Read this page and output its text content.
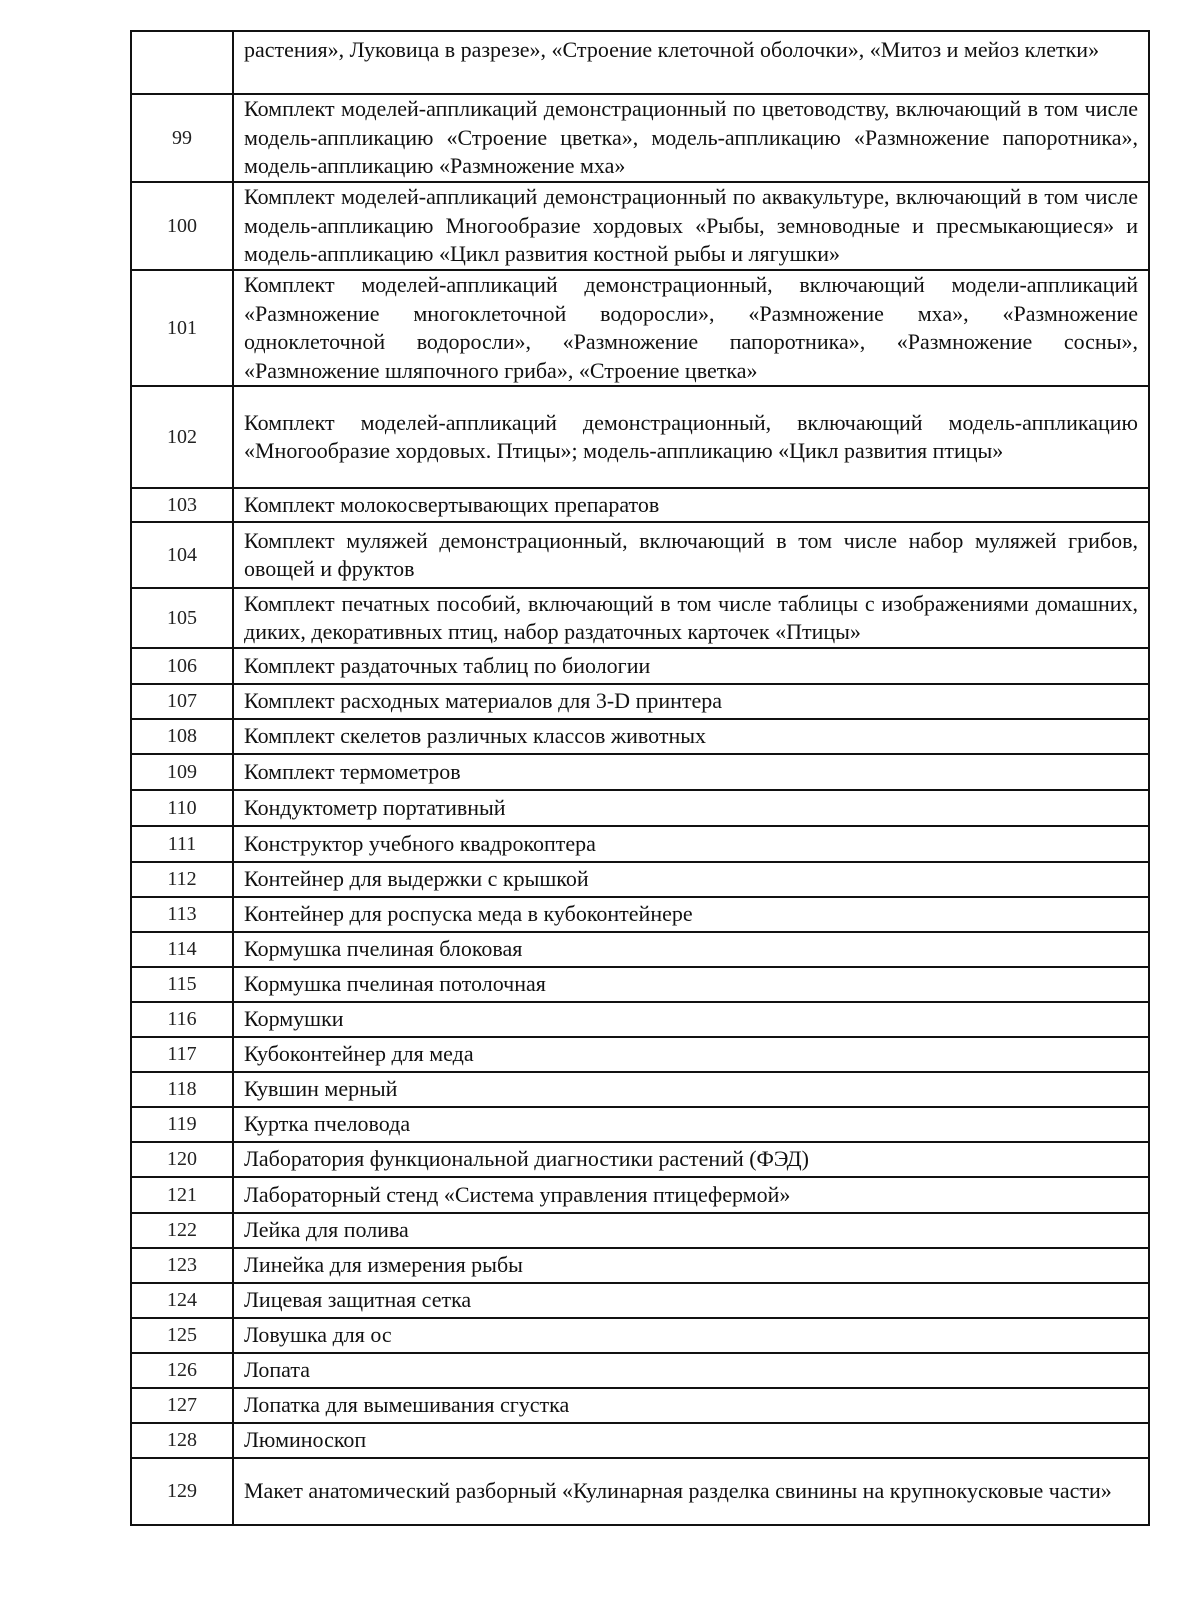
	растения», Луковица в разрезе», «Строение клеточной оболочки», «Митоз и мейоз клетки»

99	Комплект моделей-аппликаций демонстрационный по цветоводству, включающий в том числе модель-аппликацию «Строение цветка», модель-аппликацию «Размножение папоротника», модель-аппликацию «Размножение мха»

100	Комплект моделей-аппликаций демонстрационный по аквакультуре, включающий в том числе модель-аппликацию Многообразие хордовых «Рыбы, земноводные и пресмыкающиеся» и модель-аппликацию «Цикл развития костной рыбы и лягушки»

101	Комплект моделей-аппликаций демонстрационный, включающий модели-аппликаций «Размножение многоклеточной водоросли», «Размножение мха», «Размножение одноклеточной водоросли», «Размножение папоротника», «Размножение сосны», «Размножение шляпочного гриба», «Строение цветка»

102	Комплект моделей-аппликаций демонстрационный, включающий модель-аппликацию «Многообразие хордовых. Птицы»; модель-аппликацию «Цикл развития птицы»

103	Комплект молокосвертывающих препаратов

104	Комплект муляжей демонстрационный, включающий в том числе набор муляжей грибов, овощей и фруктов

105	Комплект печатных пособий, включающий в том числе таблицы с изображениями домашних, диких, декоративных птиц, набор раздаточных карточек «Птицы»

106	Комплект раздаточных таблиц по биологии

107	Комплект расходных материалов для 3-D принтера

108	Комплект скелетов различных классов животных

109	Комплект термометров

110	Кондуктометр портативный

111	Конструктор учебного квадрокоптера

112	Контейнер для выдержки с крышкой

113	Контейнер для роспуска меда в кубоконтейнере

114	Кормушка пчелиная блоковая

115	Кормушка пчелиная потолочная

116	Кормушки

117	Кубоконтейнер для меда

118	Кувшин мерный

119	Куртка пчеловода

120	Лаборатория функциональной диагностики растений (ФЭД)

121	Лабораторный стенд «Система управления птицефермой»

122	Лейка для полива

123	Линейка для измерения рыбы

124	Лицевая защитная сетка

125	Ловушка для ос

126	Лопата

127	Лопатка для вымешивания сгустка

128	Люминоскоп

129	Макет анатомический разборный «Кулинарная разделка свинины на крупнокусковые части»
